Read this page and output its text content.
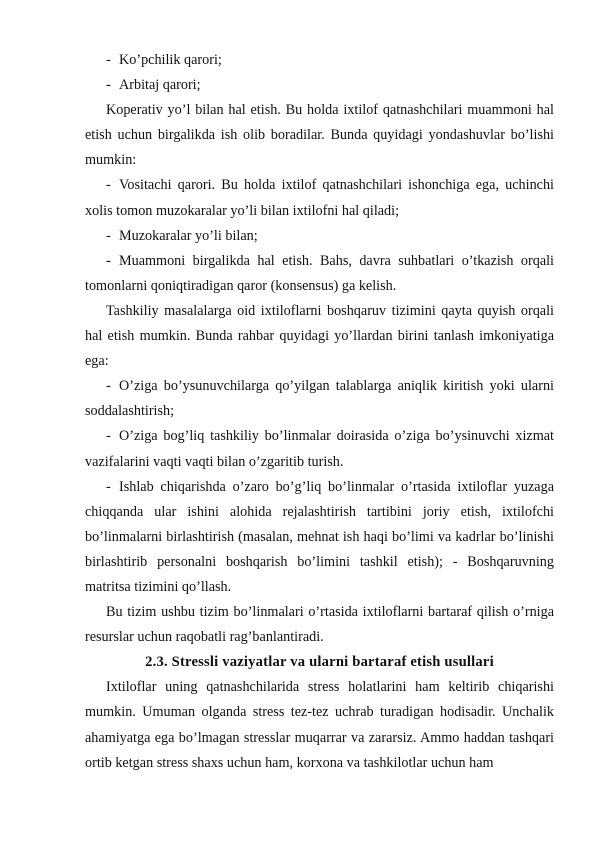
- Ko’pchilik qarori;

- Arbitaj qarori;

Koperativ yo’l bilan hal etish. Bu holda ixtilof qatnashchilari muammoni hal etish uchun birgalikda ish olib boradilar. Bunda quyidagi yondashuvlar bo’lishi mumkin:

- Vositachi qarori. Bu holda ixtilof qatnashchilari ishonchiga ega, uchinchi xolis tomon muzokaralar yo’li bilan ixtilofni hal qiladi;

- Muzokaralar yo’li bilan;

- Muammoni birgalikda hal etish. Bahs, davra suhbatlari o’tkazish orqali tomonlarni qoniqtiradigan qaror (konsensus) ga kelish.

Tashkiliy masalalarga oid ixtiloflarni boshqaruv tizimini qayta quyish orqali hal etish mumkin. Bunda rahbar quyidagi yo’llardan birini tanlash imkoniyatiga ega:

- O’ziga bo’ysunuvchilarga qo’yilgan talablarga aniqlik kiritish yoki ularni soddalashtirish;

- O’ziga bog’liq tashkiliy bo’linmalar doirasida o’ziga bo’ysinuvchi xizmat vazifalarini vaqti vaqti bilan o’zgaritib turish.

- Ishlab chiqarishda o’zaro bo’g’liq bo’linmalar o’rtasida ixtiloflar yuzaga chiqqanda ular ishini alohida rejalashtirish tartibini joriy etish, ixtilofchi bo’linmalarni birlashtirish (masalan, mehnat ish haqi bo’limi va kadrlar bo’linishi birlashtirib personalni boshqarish bo’limini tashkil etish); - Boshqaruvning matritsa tizimini qo’llash.

Bu tizim ushbu tizim bo’linmalari o’rtasida ixtiloflarni bartaraf qilish o’rniga resurslar uchun raqobatli rag’banlantiradi.

2.3. Stressli vaziyatlar va ularni bartaraf etish usullari

Ixtiloflar uning qatnashchilarida stress holatlarini ham keltirib chiqarishi mumkin. Umuman olganda stress tez-tez uchrab turadigan hodisadir. Unchalik ahamiyatga ega bo’lmagan stresslar muqarrar va zararsiz. Ammo haddan tashqari ortib ketgan stress shaxs uchun ham, korxona va tashkilotlar uchun ham
